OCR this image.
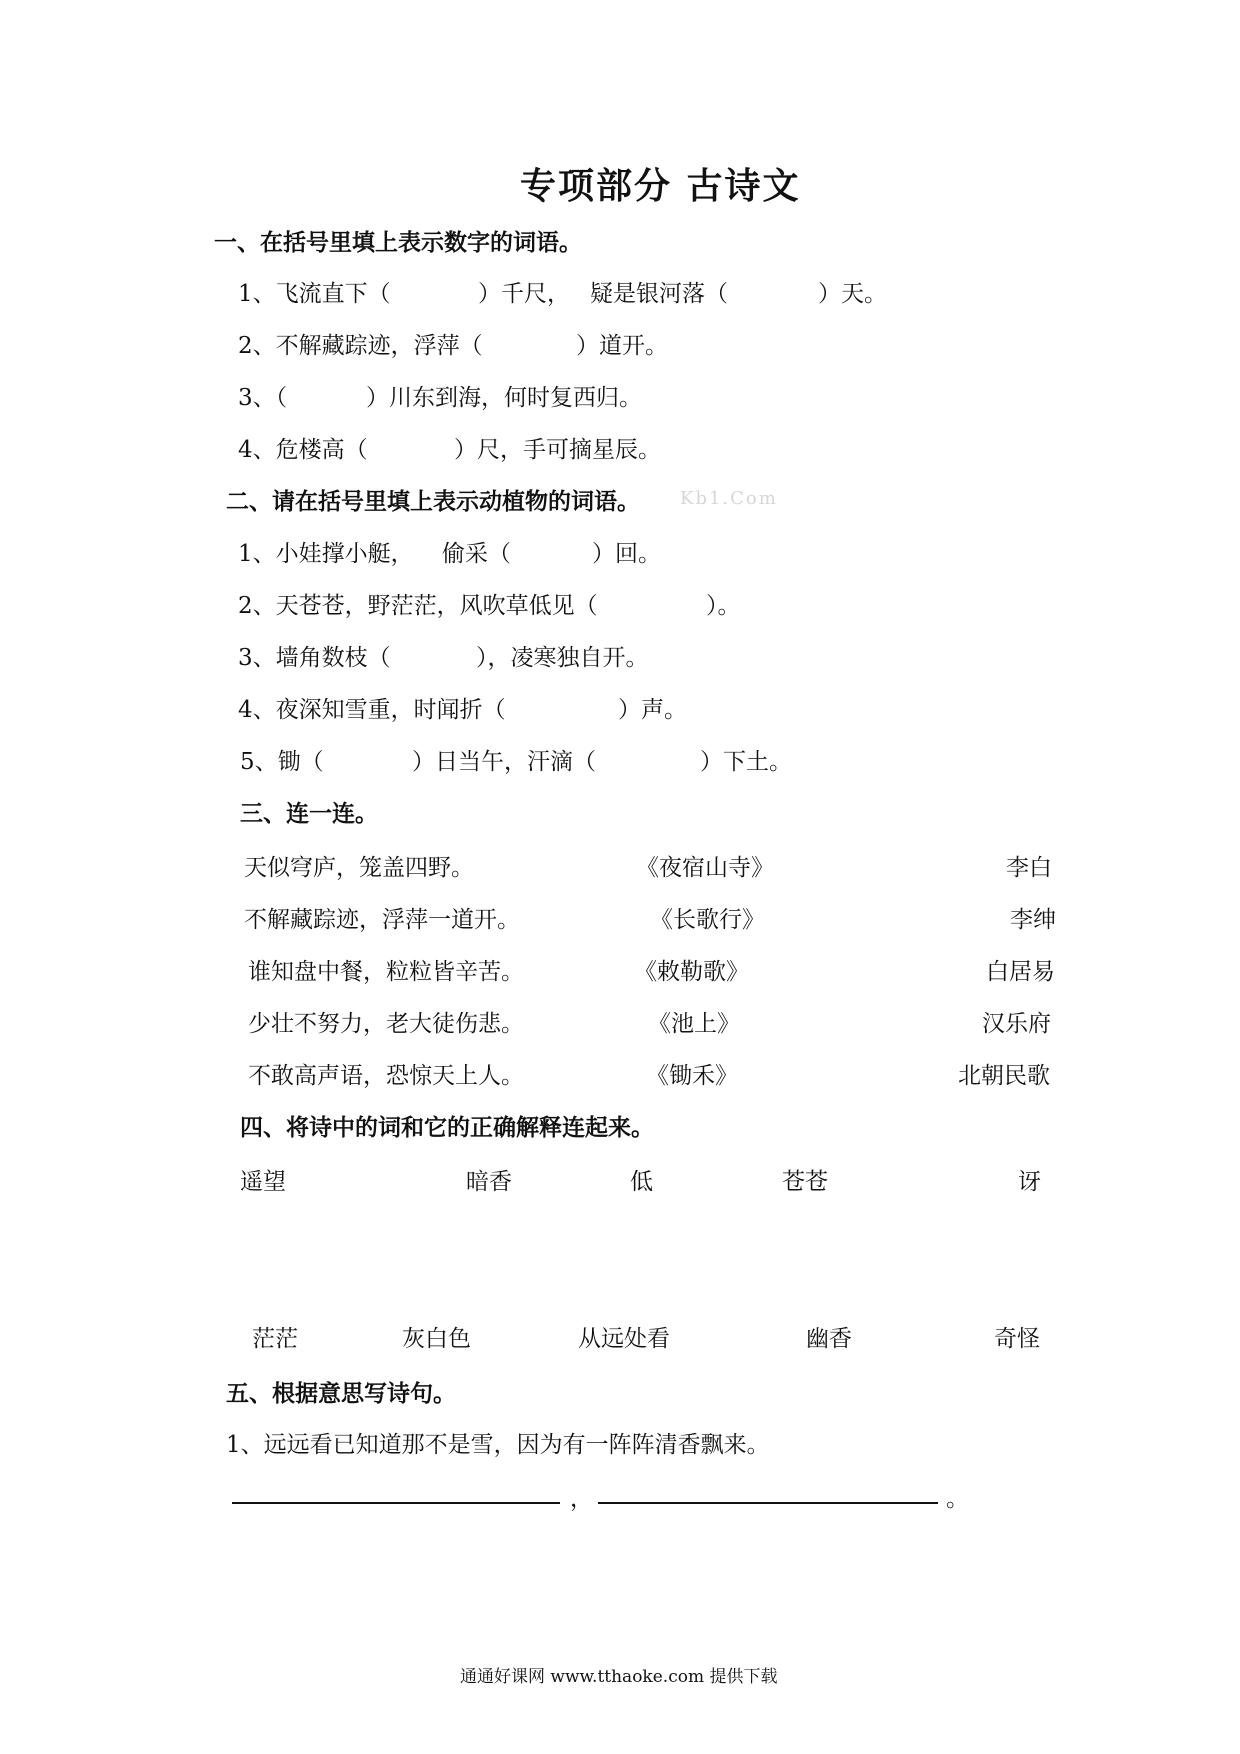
专项部分 古诗文
一、在括号里填上表示数字的词语。
1、飞流直下（	）千尺， 疑是银河落（	）天。
2、不解藏踪迹，浮萍（	）道开。
3、（	）川东到海，何时复西归。
4、危楼高（	）尺，手可摘星辰。
二、请在括号里填上表示动植物的词语。 Kb1.Com
1、小娃撑小艇， 偷采（	）回。
2、天苍苍，野茫茫，风吹草低见（	）。
3、墙角数枝（	），凌寒独自开。
4、夜深知雪重，时闻折（	）声。
5、锄（	）日当午，汗滴（	）下土。
三、连一连。
天似穹庐，笼盖四野。	《夜宿山寺》	李白
不解藏踪迹，浮萍一道开。	《长歌行》	李绅
谁知盘中餐，粒粒皆辛苦。	《敕勒歌》	白居易
少壮不努力，老大徒伤悲。	《池上》	汉乐府
不敢高声语，恐惊天上人。	《锄禾》	北朝民歌
四、将诗中的词和它的正确解释连起来。
遥望	暗香	低	苍苍	讶
茫茫	灰白色	从远处看	幽香	奇怪
五、根据意思写诗句。
1、远远看已知道那不是雪，因为有一阵阵清香飘来。
，	。
通通好课网 www.tthaoke.com 提供下载
